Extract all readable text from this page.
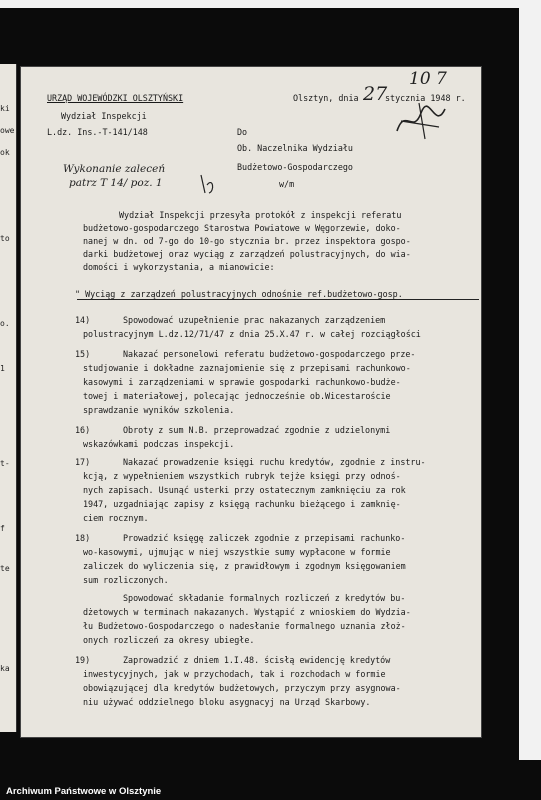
ki
owe
ok
to
o.
1
t-
f
te
ka
URZĄD WOJEWÓDZKI OLSZTYŃSKI
Wydział Inspekcji
L.dz. Ins.-T-141/148
Olsztyn, dnia 27
stycznia 1948 r.
10 7
Wykonanie zaleceń
patrz T 14/ poz. 1
Do
Ob. Naczelnika Wydziału
Budżetowo-Gospodarczego
w/m
Wydział Inspekcji przesyła protokół z inspekcji referatu
budżetowo-gospodarczego Starostwa Powiatowe w Węgorzewie, doko-
nanej w dn. od 7-go do 10-go stycznia br. przez inspektora gospo-
darki budżetowej oraz wyciąg z zarządzeń polustracyjnych, do wia-
domości i wykorzystania, a mianowicie:
" Wyciąg z zarządzeń polustracyjnych odnośnie ref.budżetowo-gosp.
14)	Spowodować uzupełnienie prac nakazanych zarządzeniem
polustracyjnym L.dz.12/71/47 z dnia 25.X.47 r. w całej rozciągłości
15)	Nakazać personelowi referatu budżetowo-gospodarczego prze-
studjowanie i dokładne zaznajomienie się z przepisami rachunkowo-
kasowymi i zarządzeniami w sprawie gospodarki rachunkowo-budże-
towej i materiałowej, polecając jednocześnie ob.Wicestaroście
sprawdzanie wyników szkolenia.
16)	Obroty z sum N.B. przeprowadzać zgodnie z udzielonymi
wskazówkami podczas inspekcji.
17)	Nakazać prowadzenie księgi ruchu kredytów, zgodnie z instru-
kcją, z wypełnieniem wszystkich rubryk tejże księgi przy odnoś-
nych zapisach. Usunąć usterki przy ostatecznym zamknięciu za rok
1947, uzgadniając zapisy z księgą rachunku bieżącego i zamknię-
ciem rocznym.
18)	Prowadzić księgę zaliczek zgodnie z przepisami rachunko-
wo-kasowymi, ujmując w niej wszystkie sumy wypłacone w formie
zaliczek do wyliczenia się, z prawidłowym i zgodnym księgowaniem
sum rozliczonych.
Spowodować składanie formalnych rozliczeń z kredytów bu-
dżetowych w terminach nakazanych. Wystąpić z wnioskiem do Wydzia-
łu Budżetowo-Gospodarczego o nadesłanie formalnego uznania złoż-
onych rozliczeń za okresy ubiegłe.
19)	Zaprowadzić z dniem 1.I.48. ścisłą ewidencję kredytów
inwestycyjnych, jak w przychodach, tak i rozchodach w formie
obowiązującej dla kredytów budżetowych, przyczym przy asygnowa-
niu używać oddzielnego bloku asygnacyj na Urząd Skarbowy.
Archiwum Państwowe w Olsztynie
